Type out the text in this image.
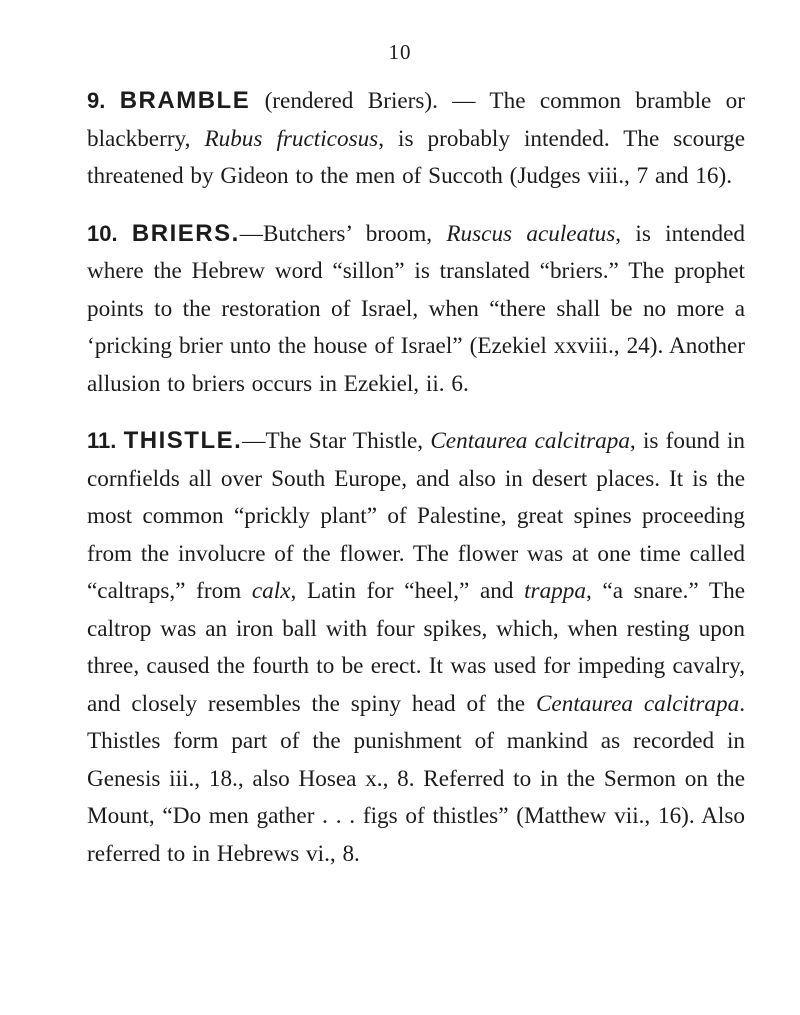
10

9. BRAMBLE (rendered Briers). — The common bramble or blackberry, Rubus fructicosus, is probably intended. The scourge threatened by Gideon to the men of Succoth (Judges viii., 7 and 16).

10. BRIERS.—Butchers’ broom, Ruscus aculeatus, is intended where the Hebrew word “sillon” is translated “briers.” The prophet points to the restoration of Israel, when “there shall be no more a ‘pricking brier unto the house of Israel” (Ezekiel xxviii., 24). Another allusion to briers occurs in Ezekiel, ii. 6.

11. THISTLE.—The Star Thistle, Centaurea calcitrapa, is found in cornfields all over South Europe, and also in desert places. It is the most common “prickly plant” of Palestine, great spines proceeding from the involucre of the flower. The flower was at one time called “caltraps,” from calx, Latin for “heel,” and trappa, “a snare.” The caltrop was an iron ball with four spikes, which, when resting upon three, caused the fourth to be erect. It was used for impeding cavalry, and closely resembles the spiny head of the Centaurea calcitrapa. Thistles form part of the punishment of mankind as recorded in Genesis iii., 18., also Hosea x., 8. Referred to in the Sermon on the Mount, “Do men gather . . . figs of thistles” (Matthew vii., 16). Also referred to in Hebrews vi., 8.
